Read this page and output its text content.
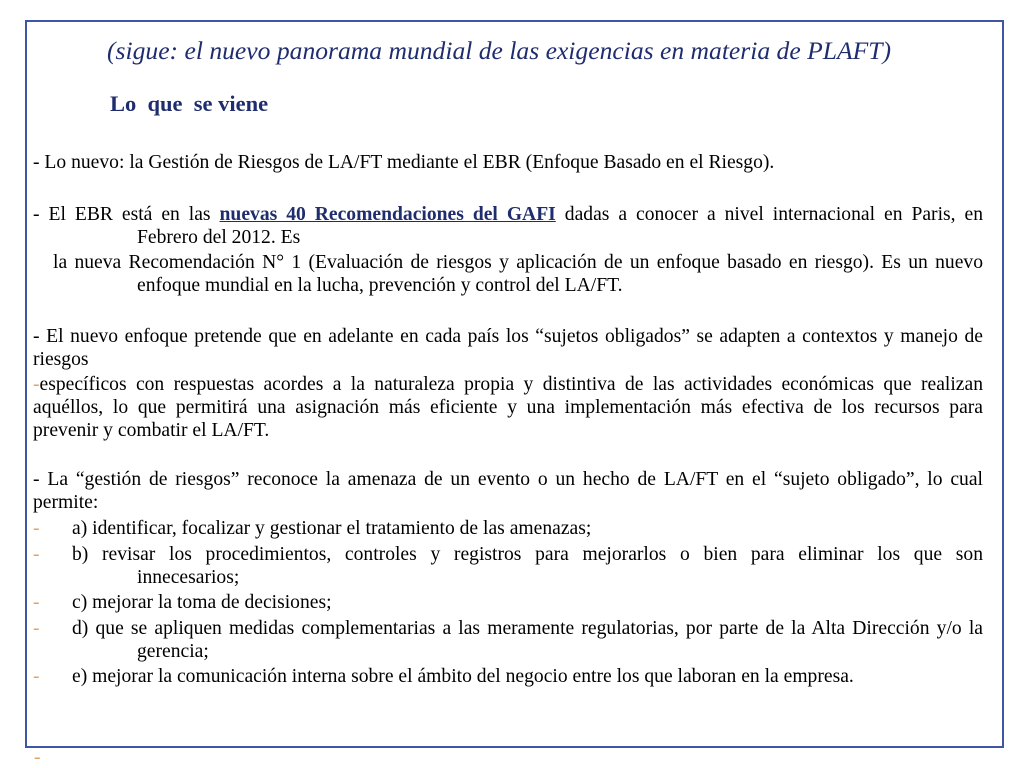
(sigue: el nuevo panorama mundial de las exigencias en materia de PLAFT)
Lo  que  se viene
- Lo nuevo: la Gestión de Riesgos de LA/FT mediante el EBR (Enfoque Basado en el Riesgo).
- El EBR está en las nuevas 40 Recomendaciones del GAFI dadas a conocer a nivel internacional en Paris, en
Febrero del 2012. Es
la nueva Recomendación N° 1 (Evaluación de riesgos y aplicación de un enfoque basado en riesgo). Es un nuevo
enfoque mundial en la lucha, prevención y control del LA/FT.
- El nuevo enfoque pretende que en adelante en cada país los “sujetos obligados” se adapten a contextos y manejo de
riesgos
-específicos con respuestas acordes a la naturaleza propia y distintiva de las actividades económicas que realizan
aquéllos, lo que permitirá una asignación más eficiente y una implementación más efectiva de los recursos para
prevenir y combatir el LA/FT.
- La “gestión de riesgos” reconoce la amenaza de un evento o un hecho de LA/FT en el “sujeto obligado”, lo cual
permite:
- a) identificar, focalizar y gestionar el tratamiento de las amenazas;
- b) revisar los procedimientos, controles y registros para mejorarlos o bien para eliminar los que son
innecesarios;
- c) mejorar la toma de decisiones;
- d) que se apliquen medidas complementarias a las meramente regulatorias, por parte de la Alta Dirección y/o la
gerencia;
- e) mejorar la comunicación interna sobre el ámbito del negocio entre los que laboran en la empresa.
-
